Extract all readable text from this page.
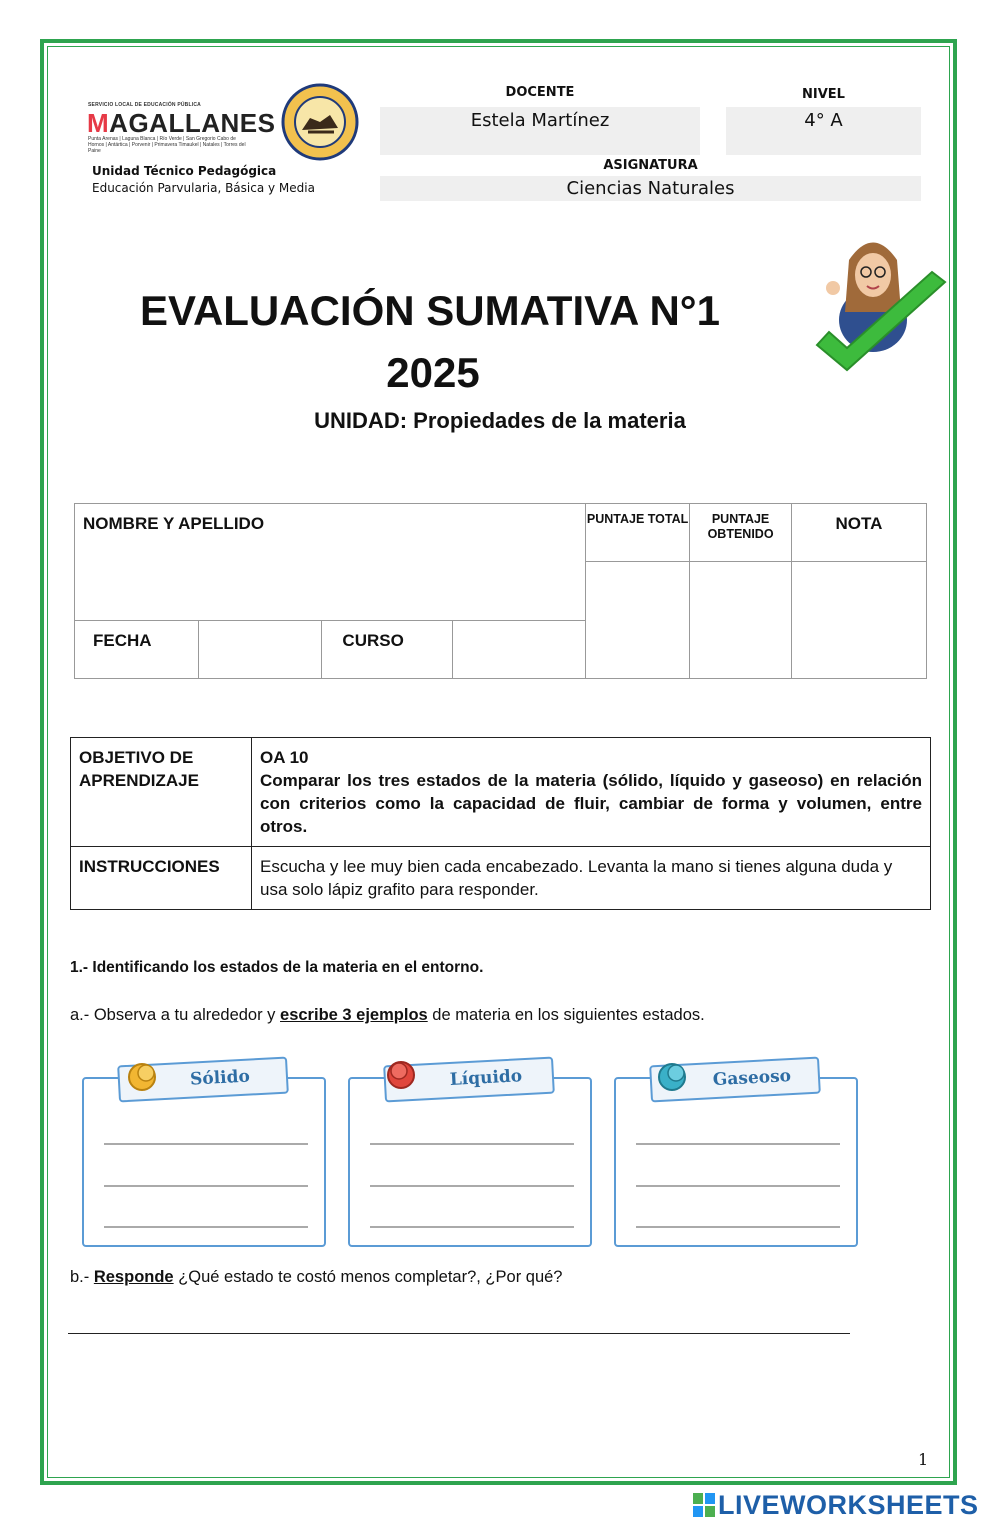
SERVICIO LOCAL DE EDUCACIÓN PÚBLICA
MAGALLANES
Punta Arenas | Laguna Blanca | Río Verde | San Gregorio Cabo de Hornos | Antártica | Porvenir | Primavera Timaukel | Natales | Torres del Paine
Unidad Técnico Pedagógica
Educación Parvularia, Básica y Media
DOCENTE
Estela Martínez
NIVEL
4° A
ASIGNATURA
Ciencias Naturales
EVALUACIÓN SUMATIVA N°1
2025
UNIDAD: Propiedades de la materia
NOMBRE Y APELLIDO				PUNTAJE TOTAL	PUNTAJE OBTENIDO	NOTA

FECHA		CURSO				
OBJETIVO DE APRENDIZAJE	OA 10
Comparar los tres estados de la materia (sólido, líquido y gaseoso) en relación con criterios como la capacidad de fluir, cambiar de forma y volumen, entre otros.

INSTRUCCIONES	Escucha y lee muy bien cada encabezado. Levanta la mano si tienes alguna duda y usa solo lápiz grafito para responder.
1.- Identificando los estados de la materia en el entorno.
a.- Observa a tu alrededor y escribe 3 ejemplos de materia en los siguientes estados.
Sólido	Líquido	Gaseoso
b.- Responde ¿Qué estado te costó menos completar?, ¿Por qué?
1
LIVEWORKSHEETS
